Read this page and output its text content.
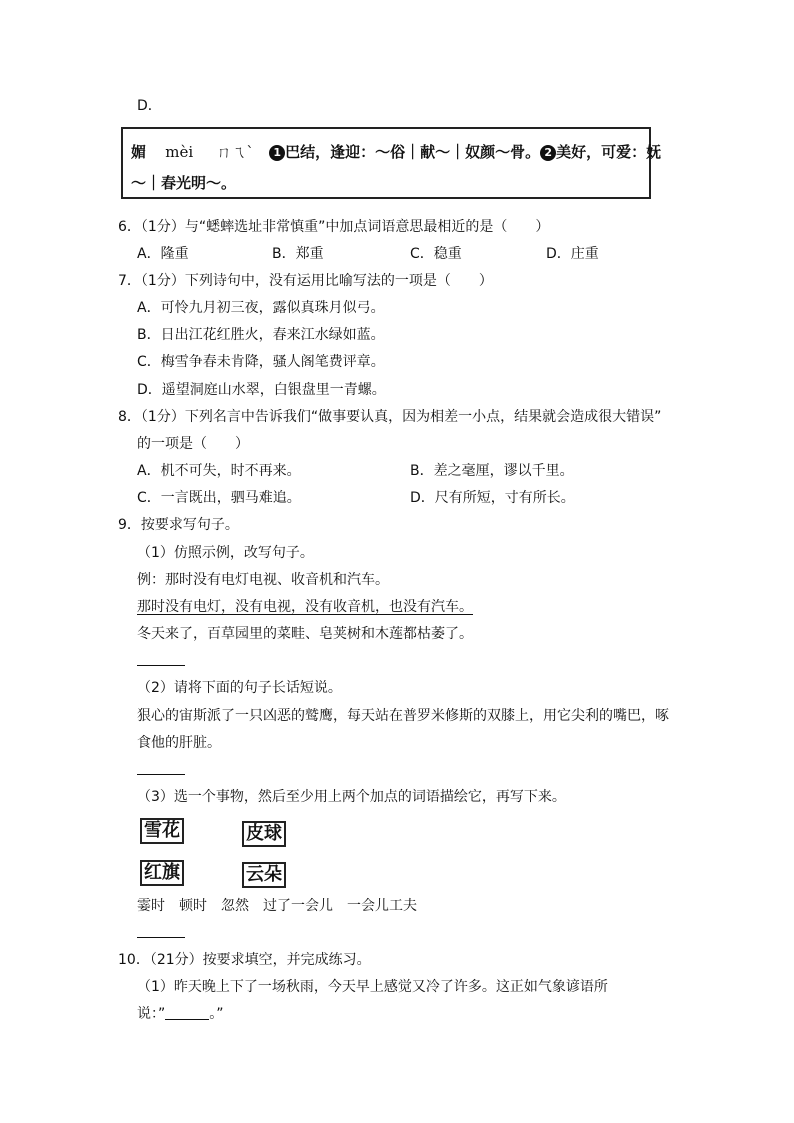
D．
媚 mèi ㄇㄟˋ 1 巴结，逢迎：～俗｜献～｜奴颜～骨。 2 美好，可爱：妩
～｜春光明～。
6．（1分）与“蟋蟀选址非常慎重”中加点词语意思最相近的是（　　）
A．隆重	B．郑重	C．稳重	D．庄重
7．（1分）下列诗句中，没有运用比喻写法的一项是（　　）
A．可怜九月初三夜，露似真珠月似弓。
B．日出江花红胜火，春来江水绿如蓝。
C．梅雪争春未肯降，骚人阁笔费评章。
D．遥望洞庭山水翠，白银盘里一青螺。
8．（1分）下列名言中告诉我们“做事要认真，因为相差一小点，结果就会造成很大错误”
的一项是（　　）
A．机不可失，时不再来。	B．差之毫厘，谬以千里。
C．一言既出，驷马难追。	D．尺有所短，寸有所长。
9．按要求写句子。
（1）仿照示例，改写句子。
例：那时没有电灯电视、收音机和汽车。
那时没有电灯，没有电视，没有收音机，也没有汽车。
冬天来了，百草园里的菜畦、皂荚树和木莲都枯萎了。
（2）请将下面的句子长话短说。
狠心的宙斯派了一只凶恶的鹫鹰，每天站在普罗米修斯的双膝上，用它尖利的嘴巴，啄
食他的肝脏。
（3）选一个事物，然后至少用上两个加点的词语描绘它，再写下来。
雪花	皮球
红旗	云朵
霎时　顿时　忽然　过了一会儿　一会儿工夫
10．（21分）按要求填空，并完成练习。
（1）昨天晚上下了一场秋雨，今天早上感觉又冷了许多。这正如气象谚语所
说：”	。”
